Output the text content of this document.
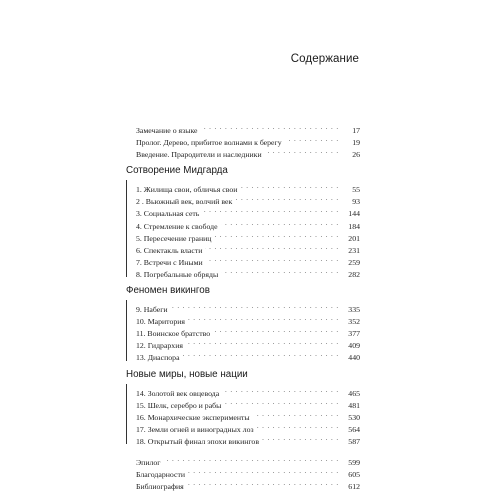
Содержание
Замечание о языке . . .	17
Пролог. Дерево, прибитое волнами к берегу . . .	19
Введение. Прародители и наследники . . .	26
Сотворение Мидгарда
1. Жилища свои, обличья свои . . .	55
2 . Вьюжный век, волчий век . . .	93
3. Социальная сеть . . .	144
4. Стремление к свободе . . .	184
5. Пересечение границ . . .	201
6. Спектакль власти . . .	231
7. Встречи с Иными . . .	259
8. Погребальные обряды . . .	282
Феномен викингов
9. Набеги . . .	335
10. Маритория . . .	352
11. Воинское братство . . .	377
12. Гидрархия . . .	409
13. Диаспора . . .	440
Новые миры, новые нации
14. Золотой век овцевода . . .	465
15. Шелк, серебро и рабы . . .	481
16. Монархические эксперименты . . .	530
17. Земли огней и виноградных лоз . . .	564
18. Открытый финал эпохи викингов . . .	587
Эпилог . . .	599
Благодарности . . .	605
Библиография . . .	612
